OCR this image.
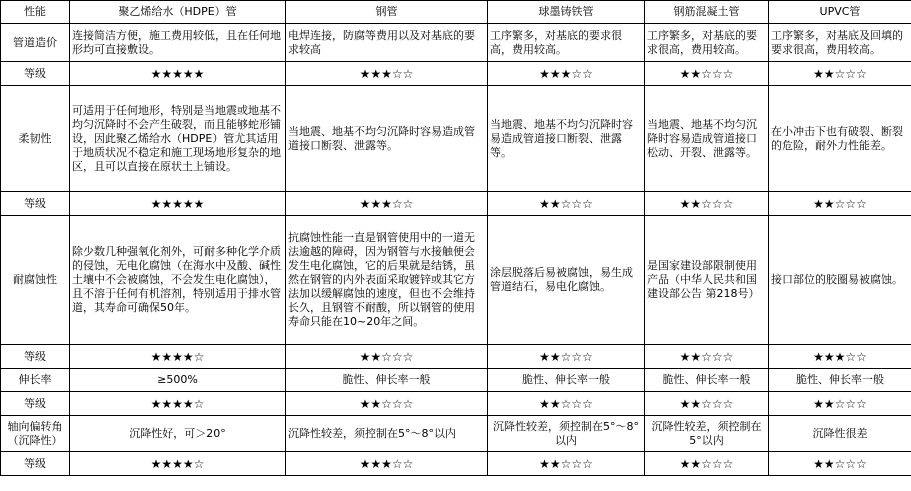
性能	聚乙烯给水（HDPE）管	钢管	球墨铸铁管	钢筋混凝土管	UPVC管
管道造价	连接简洁方便，施工费用较低，且在任何地形均可直接敷设。	电焊连接，防腐等费用以及对基底的要求较高	工序繁多，对基底的要求很高，费用较高。	工序繁多，对基底的要求很高，费用较高。	工序繁多，对基底及回填的要求很高，费用较高。
等级	★★★★★	★★★☆☆	★★★☆☆	★★☆☆☆	★★☆☆☆
柔韧性	可适用于任何地形，特别是当地震或地基不均匀沉降时不会产生破裂，而且能够蛇形铺设，因此聚乙烯给水（HDPE）管尤其适用于地质状况不稳定和施工现场地形复杂的地区，且可以直接在原状土上铺设。	当地震、地基不均匀沉降时容易造成管道接口断裂、泄露等。	当地震、地基不均匀沉降时容易造成管道接口断裂、泄露等。	当地震、地基不均匀沉降时容易造成管道接口松动、开裂、泄露等。	在小冲击下也有破裂、断裂的危险，耐外力性能差。
等级	★★★★★	★★★☆☆	★★☆☆☆	★★☆☆☆	★★☆☆☆
耐腐蚀性	除少数几种强氧化剂外，可耐多种化学介质的侵蚀，无电化腐蚀（在海水中及酸、碱性土壤中不会被腐蚀，不会发生电化腐蚀），且不溶于任何有机溶剂，特别适用于排水管道，其寿命可确保50年。	抗腐蚀性能一直是钢管使用中的一道无法逾越的障碍，因为钢管与水接触便会发生电化腐蚀，它的后果就是结锈，虽然在钢管的内外表面采取镀锌或其它方法加以缓解腐蚀的速度，但也不会维持长久，且钢管不耐酸，所以钢管的使用寿命只能在10~20年之间。	涂层脱落后易被腐蚀，易生成管道结石，易电化腐蚀。	是国家建设部限制使用产品（中华人民共和国建设部公告 第218号）	接口部位的胶圈易被腐蚀。
等级	★★★★☆	★★☆☆☆	★★☆☆☆	★★☆☆☆	★★★☆☆
伸长率	≥500%	脆性、伸长率一般	脆性、伸长率一般	脆性、伸长率一般	脆性、伸长率一般
等级	★★★★☆	★★☆☆☆	★★☆☆☆	★★☆☆☆	★★☆☆☆
轴向偏转角（沉降性）	沉降性好，可＞20°	沉降性较差，须控制在5°～8°以内	沉降性较差，须控制在5°～8°以内	沉降性较差，须控制在5°以内	沉降性很差
等级	★★★★☆	★★★☆☆	★★☆☆☆	★★☆☆☆	★★☆☆☆
